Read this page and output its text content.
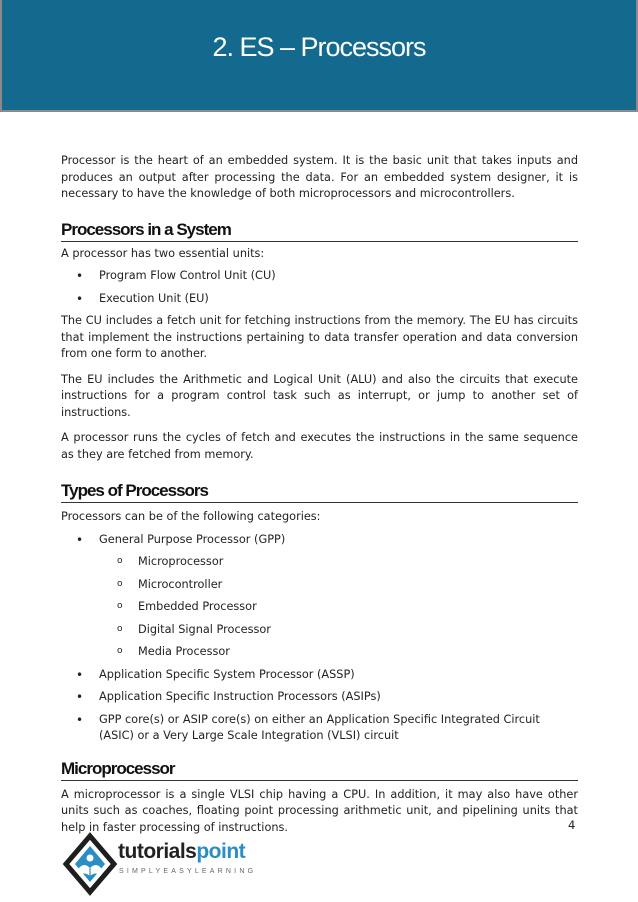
2. ES – Processors

Processor is the heart of an embedded system. It is the basic unit that takes inputs and produces an output after processing the data. For an embedded system designer, it is necessary to have the knowledge of both microprocessors and microcontrollers.

Processors in a System

A processor has two essential units:

• Program Flow Control Unit (CU)
• Execution Unit (EU)

The CU includes a fetch unit for fetching instructions from the memory. The EU has circuits that implement the instructions pertaining to data transfer operation and data conversion from one form to another.

The EU includes the Arithmetic and Logical Unit (ALU) and also the circuits that execute instructions for a program control task such as interrupt, or jump to another set of instructions.

A processor runs the cycles of fetch and executes the instructions in the same sequence as they are fetched from memory.

Types of Processors

Processors can be of the following categories:

• General Purpose Processor (GPP)
o Microprocessor
o Microcontroller
o Embedded Processor
o Digital Signal Processor
o Media Processor
• Application Specific System Processor (ASSP)
• Application Specific Instruction Processors (ASIPs)
• GPP core(s) or ASIP core(s) on either an Application Specific Integrated Circuit (ASIC) or a Very Large Scale Integration (VLSI) circuit
Microprocessor

A microprocessor is a single VLSI chip having a CPU. In addition, it may also have other units such as coaches, floating point processing arithmetic unit, and pipelining units that help in faster processing of instructions.	4
tutorialspoint
SIMPLYEASYLEARNING
